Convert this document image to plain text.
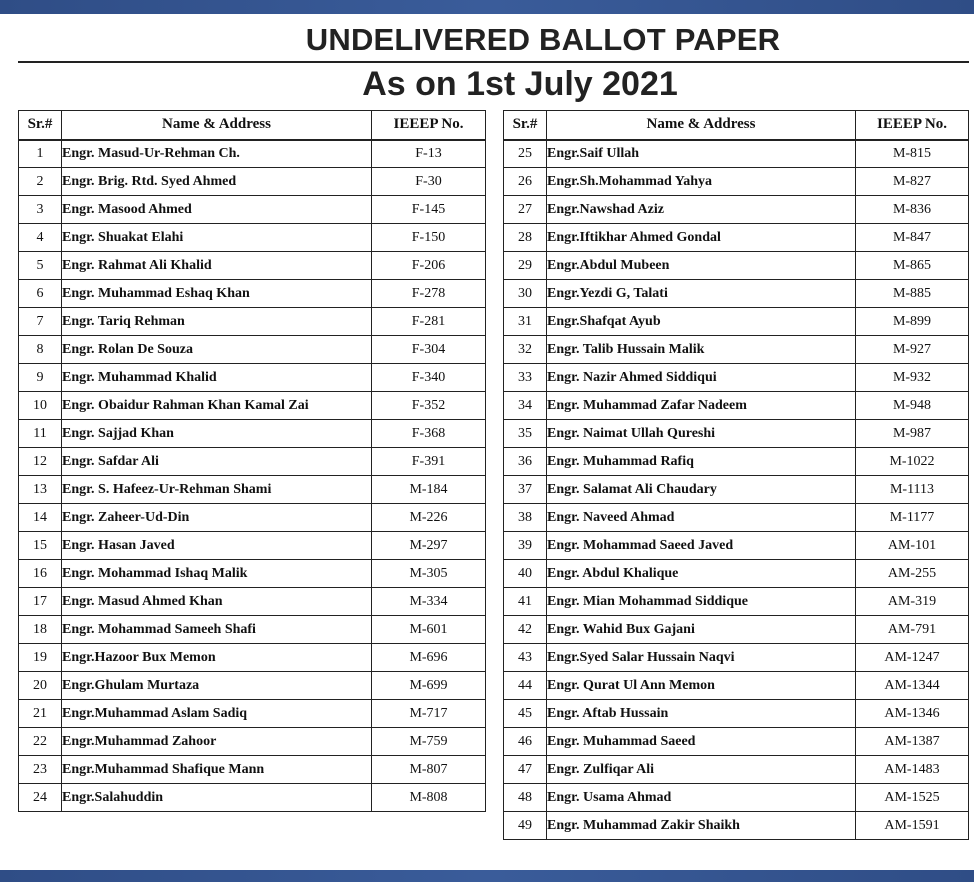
UNDELIVERED BALLOT PAPER
As on 1st July 2021
Sr.#	Name & Address	IEEEP No.
1	Engr. Masud-Ur-Rehman Ch.	F-13
2	Engr. Brig. Rtd. Syed Ahmed	F-30
3	Engr. Masood Ahmed	F-145
4	Engr. Shuakat Elahi	F-150
5	Engr. Rahmat Ali Khalid	F-206
6	Engr. Muhammad Eshaq Khan	F-278
7	Engr. Tariq Rehman	F-281
8	Engr. Rolan De Souza	F-304
9	Engr. Muhammad Khalid	F-340
10	Engr. Obaidur Rahman Khan Kamal Zai	F-352
11	Engr. Sajjad Khan	F-368
12	Engr. Safdar Ali	F-391
13	Engr. S. Hafeez-Ur-Rehman Shami	M-184
14	Engr. Zaheer-Ud-Din	M-226
15	Engr. Hasan Javed	M-297
16	Engr. Mohammad Ishaq Malik	M-305
17	Engr. Masud Ahmed Khan	M-334
18	Engr. Mohammad Sameeh Shafi	M-601
19	Engr.Hazoor Bux Memon	M-696
20	Engr.Ghulam Murtaza	M-699
21	Engr.Muhammad Aslam Sadiq	M-717
22	Engr.Muhammad Zahoor	M-759
23	Engr.Muhammad Shafique Mann	M-807
24	Engr.Salahuddin	M-808
Sr.#	Name & Address	IEEEP No.
25	Engr.Saif Ullah	M-815
26	Engr.Sh.Mohammad Yahya	M-827
27	Engr.Nawshad Aziz	M-836
28	Engr.Iftikhar Ahmed Gondal	M-847
29	Engr.Abdul Mubeen	M-865
30	Engr.Yezdi G, Talati	M-885
31	Engr.Shafqat Ayub	M-899
32	Engr. Talib Hussain Malik	M-927
33	Engr. Nazir Ahmed Siddiqui	M-932
34	Engr. Muhammad Zafar Nadeem	M-948
35	Engr. Naimat Ullah Qureshi	M-987
36	Engr. Muhammad Rafiq	M-1022
37	Engr. Salamat Ali Chaudary	M-1113
38	Engr. Naveed Ahmad	M-1177
39	Engr. Mohammad Saeed Javed	AM-101
40	Engr. Abdul Khalique	AM-255
41	Engr. Mian Mohammad Siddique	AM-319
42	Engr. Wahid Bux Gajani	AM-791
43	Engr.Syed Salar Hussain Naqvi	AM-1247
44	Engr. Qurat Ul Ann Memon	AM-1344
45	Engr. Aftab Hussain	AM-1346
46	Engr. Muhammad Saeed	AM-1387
47	Engr. Zulfiqar Ali	AM-1483
48	Engr. Usama Ahmad	AM-1525
49	Engr. Muhammad Zakir Shaikh	AM-1591
